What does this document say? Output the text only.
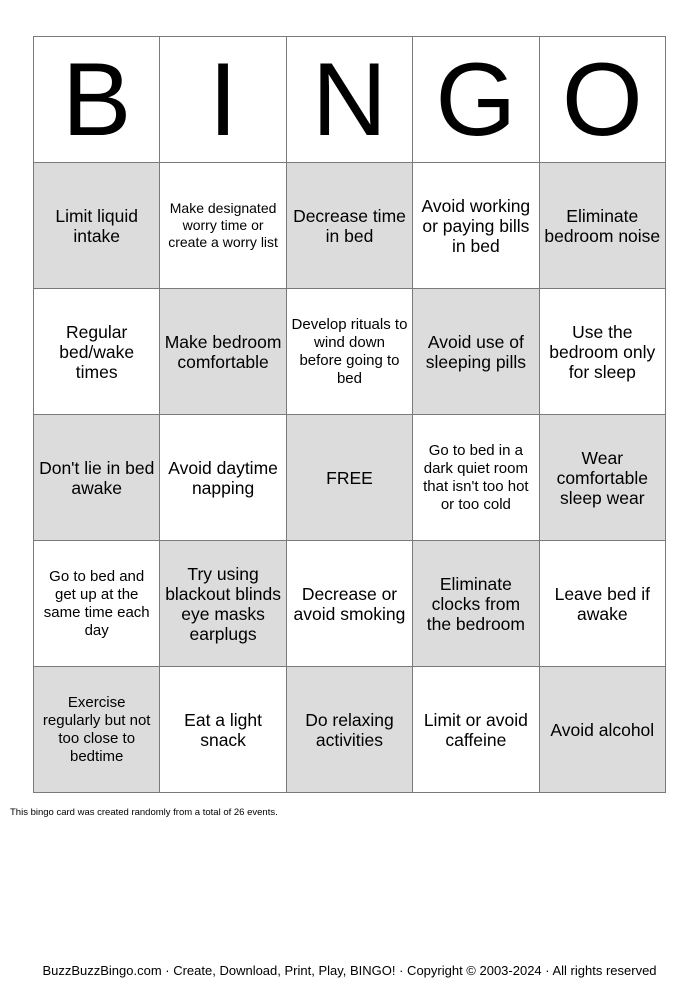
B	I	N	G	O

Limit liquid intake	Make designated worry time or create a worry list	Decrease time in bed	Avoid working or paying bills in bed	Eliminate bedroom noise

Regular bed/wake times	Make bedroom comfortable	Develop rituals to wind down before going to bed	Avoid use of sleeping pills	Use the bedroom only for sleep

Don't lie in bed awake	Avoid daytime napping	FREE	Go to bed in a dark quiet room that isn't too hot or too cold	Wear comfortable sleep wear

Go to bed and get up at the same time each day	Try using blackout blinds eye masks earplugs	Decrease or avoid smoking	Eliminate clocks from the bedroom	Leave bed if awake

Exercise regularly but not too close to bedtime	Eat a light snack	Do relaxing activities	Limit or avoid caffeine	Avoid alcohol
This bingo card was created randomly from a total of 26 events.
BuzzBuzzBingo.com · Create, Download, Print, Play, BINGO! · Copyright © 2003-2024 · All rights reserved
